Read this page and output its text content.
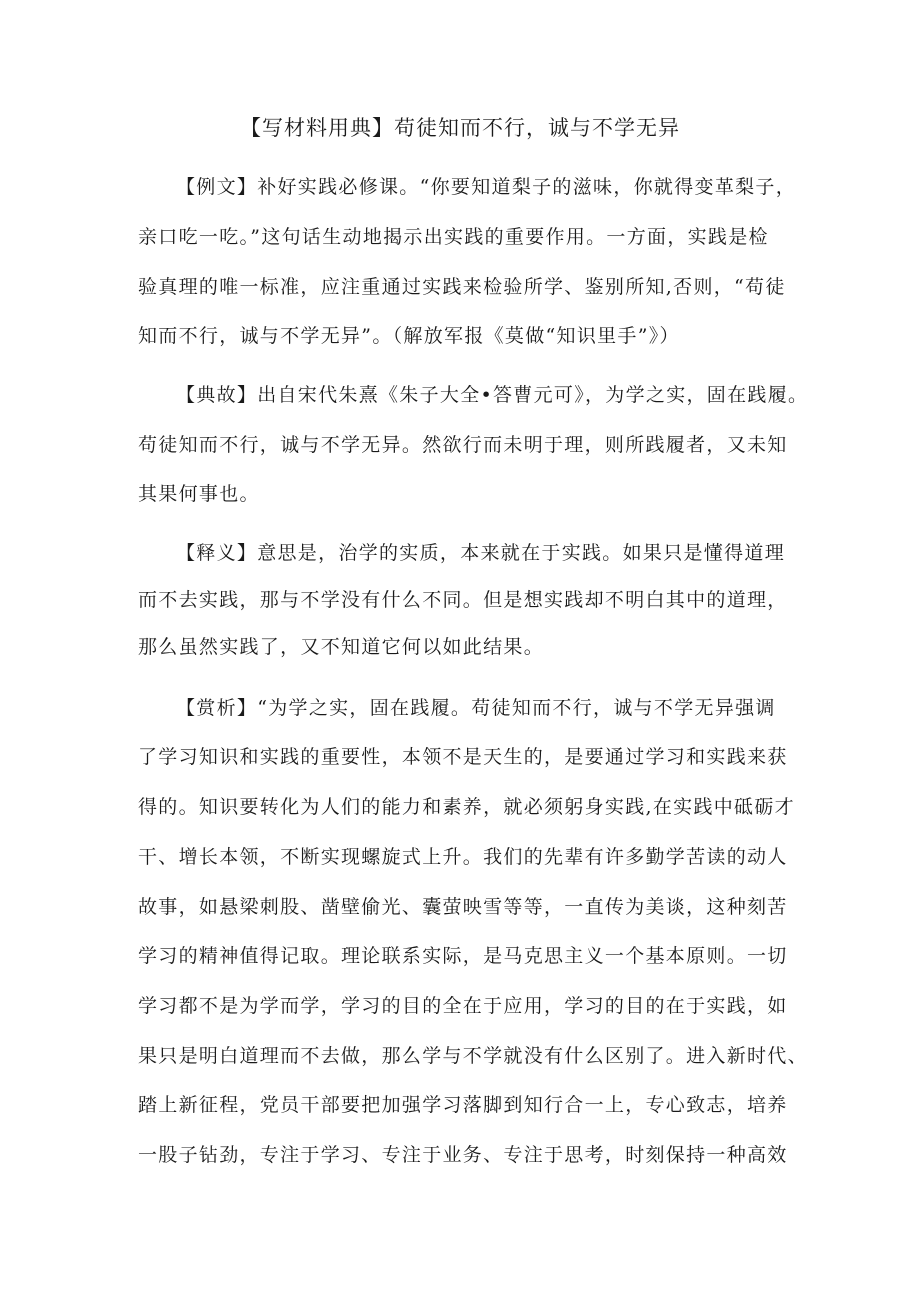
【写材料用典】苟徒知而不行，诚与不学无异
【例文】补好实践必修课。“你要知道梨子的滋味，你就得变革梨子，
亲口吃一吃。”这句话生动地揭示出实践的重要作用。一方面，实践是检
验真理的唯一标准，应注重通过实践来检验所学、鉴别所知,否则，“苟徒
知而不行，诚与不学无异”。（解放军报《莫做“知识里手”》）
【典故】出自宋代朱熹《朱子大全•答曹元可》，为学之实，固在践履。
苟徒知而不行，诚与不学无异。然欲行而未明于理，则所践履者，又未知
其果何事也。
【释义】意思是，治学的实质，本来就在于实践。如果只是懂得道理
而不去实践，那与不学没有什么不同。但是想实践却不明白其中的道理，
那么虽然实践了，又不知道它何以如此结果。
【赏析】“为学之实，固在践履。苟徒知而不行，诚与不学无异强调
了学习知识和实践的重要性，本领不是天生的，是要通过学习和实践来获
得的。知识要转化为人们的能力和素养，就必须躬身实践,在实践中砥砺才
干、增长本领，不断实现螺旋式上升。我们的先辈有许多勤学苦读的动人
故事，如悬梁刺股、凿壁偷光、囊萤映雪等等，一直传为美谈，这种刻苦
学习的精神值得记取。理论联系实际，是马克思主义一个基本原则。一切
学习都不是为学而学，学习的目的全在于应用，学习的目的在于实践，如
果只是明白道理而不去做，那么学与不学就没有什么区别了。进入新时代、
踏上新征程，党员干部要把加强学习落脚到知行合一上，专心致志，培养
一股子钻劲，专注于学习、专注于业务、专注于思考，时刻保持一种高效
